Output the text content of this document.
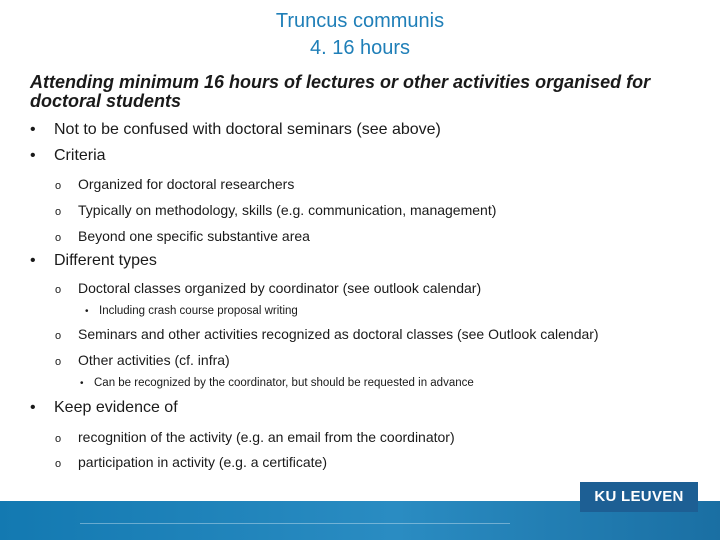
Truncus communis
4. 16 hours
Attending minimum 16 hours of lectures or other activities organised for doctoral students
• Not to be confused with doctoral seminars (see above)
• Criteria
o Organized for doctoral researchers
o Typically on methodology, skills (e.g. communication, management)
o Beyond one specific substantive area
• Different types
o Doctoral classes organized by coordinator (see outlook calendar)
• Including crash course proposal writing
o Seminars and other activities recognized as doctoral classes (see Outlook calendar)
o Other activities (cf. infra)
• Can be recognized by the coordinator, but should be requested in advance
• Keep evidence of
o recognition of the activity (e.g. an email from the coordinator)
o participation in activity (e.g. a certificate)
KU LEUVEN
